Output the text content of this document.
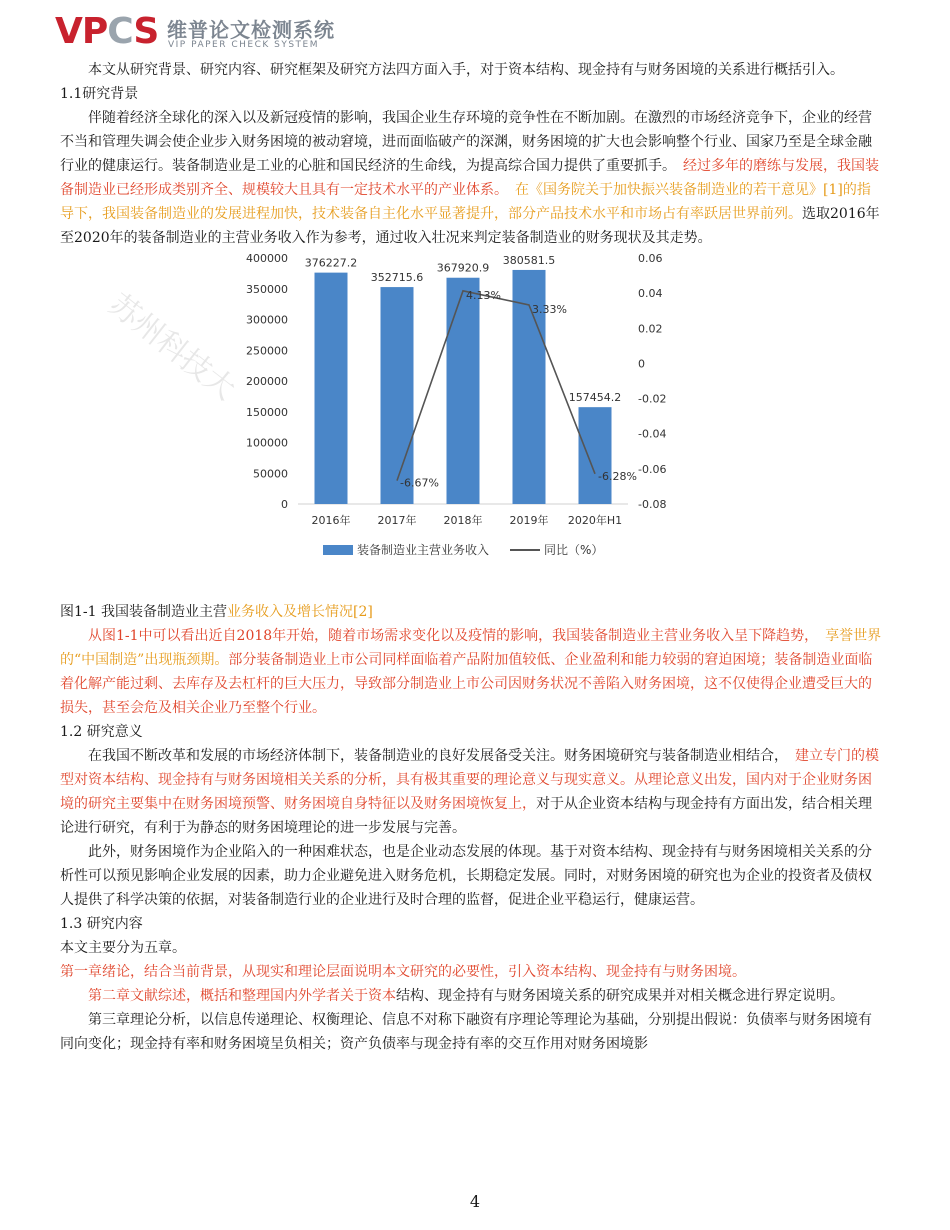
VPCS 维普论文检测系统
VIP PAPER CHECK SYSTEM

本文从研究背景、研究内容、研究框架及研究方法四方面入手，对于资本结构、现金持有与财务困境的关系进行概括引入。

1.1研究背景

伴随着经济全球化的深入以及新冠疫情的影响，我国企业生存环境的竞争性在不断加剧。在激烈的市场经济竞争下，企业的经营不当和管理失调会使企业步入财务困境的被动窘境，进而面临破产的深渊，财务困境的扩大也会影响整个行业、国家乃至是全球金融行业的健康运行。装备制造业是工业的心脏和国民经济的生命线，为提高综合国力提供了重要抓手。　经过多年的磨练与发展，我国装备制造业已经形成类别齐全、规模较大且具有一定技术水平的产业体系。　在《国务院关于加快振兴装备制造业的若干意见》[1]的指导下，我国装备制造业的发展进程加快，技术装备自主化水平显著提升，部分产品技术水平和市场占有率跃居世界前列。选取2016年至2020年的装备制造业的主营业务收入作为参考，通过收入壮况来判定装备制造业的财务现状及其走势。

苏州科技大
0
50000
100000
150000
200000
250000
300000
350000
400000
-0.08
-0.06
-0.04
-0.02
0
0.02
0.04
0.06
376227.2
352715.6
367920.9
380581.5
157454.2
-6.67%
4.13%
3.33%
-6.28%
2016年 2017年 2018年 2019年 2020年H1
装备制造业主营业务收入	同比（%）

图1-1 我国装备制造业主营业务收入及增长情况[2]

从图1-1中可以看出近自2018年开始，随着市场需求变化以及疫情的影响，我国装备制造业主营业务收入呈下降趋势，　享誉世界的“中国制造”出现瓶颈期。部分装备制造业上市公司同样面临着产品附加值较低、企业盈利和能力较弱的窘迫困境；装备制造业面临着化解产能过剩、去库存及去杠杆的巨大压力，导致部分制造业上市公司因财务状况不善陷入财务困境，这不仅使得企业遭受巨大的损失，甚至会危及相关企业乃至整个行业。

1.2 研究意义

在我国不断改革和发展的市场经济体制下，装备制造业的良好发展备受关注。财务困境研究与装备制造业相结合，　建立专门的模型对资本结构、现金持有与财务困境相关关系的分析，具有极其重要的理论意义与现实意义。从理论意义出发，国内对于企业财务困境的研究主要集中在财务困境预警、财务困境自身特征以及财务困境恢复上，对于从企业资本结构与现金持有方面出发，结合相关理论进行研究，有利于为静态的财务困境理论的进一步发展与完善。

此外，财务困境作为企业陷入的一种困难状态，也是企业动态发展的体现。基于对资本结构、现金持有与财务困境相关关系的分析性可以预见影响企业发展的因素，助力企业避免进入财务危机，长期稳定发展。同时，对财务困境的研究也为企业的投资者及债权人提供了科学决策的依据，对装备制造行业的企业进行及时合理的监督，促进企业平稳运行，健康运营。

1.3 研究内容

本文主要分为五章。

第一章绪论，结合当前背景，从现实和理论层面说明本文研究的必要性，引入资本结构、现金持有与财务困境。

第二章文献综述，概括和整理国内外学者关于资本结构、现金持有与财务困境关系的研究成果并对相关概念进行界定说明。

第三章理论分析，以信息传递理论、权衡理论、信息不对称下融资有序理论等理论为基础，分别提出假说：负债率与财务困境有同向变化；现金持有率和财务困境呈负相关；资产负债率与现金持有率的交互作用对财务困境影

4
